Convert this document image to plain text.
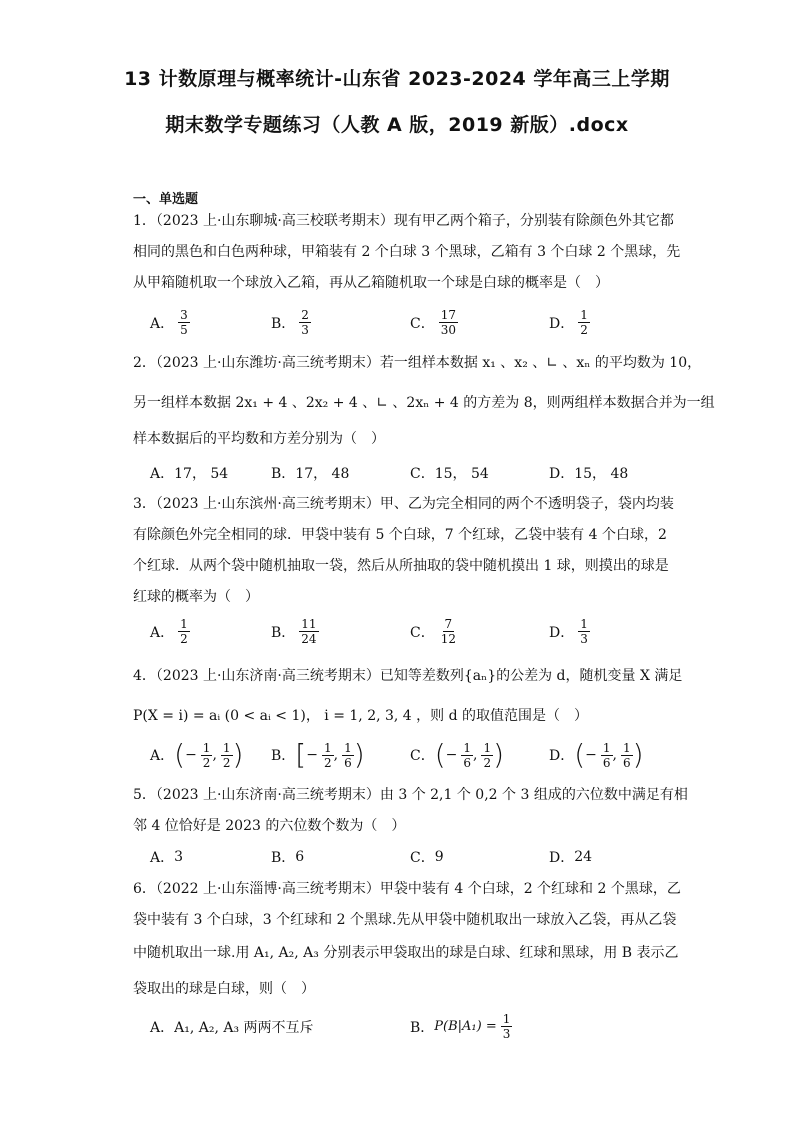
13 计数原理与概率统计-山东省 2023-2024 学年高三上学期
期末数学专题练习（人教 A 版，2019 新版）.docx
一、单选题
1．（2023 上·山东聊城·高三校联考期末）现有甲乙两个箱子，分别装有除颜色外其它都
相同的黑色和白色两种球，甲箱装有 2 个白球 3 个黑球，乙箱有 3 个白球 2 个黑球，先
从甲箱随机取一个球放入乙箱，再从乙箱随机取一个球是白球的概率是（　）
A． $\frac{3}{5}$	B． $\frac{2}{3}$	C． $\frac{17}{30}$	D． $\frac{1}{2}$
2．（2023 上·山东潍坊·高三统考期末）若一组样本数据 x₁ 、x₂ 、∟ 、xₙ 的平均数为 10，
另一组样本数据 2x₁ + 4 、2x₂ + 4 、∟ 、2xₙ + 4 的方差为 8，则两组样本数据合并为一组
样本数据后的平均数和方差分别为（　）
A． 17， 54	B． 17， 48	C． 15， 54	D． 15， 48
3．（2023 上·山东滨州·高三统考期末）甲、乙为完全相同的两个不透明袋子，袋内均装
有除颜色外完全相同的球．甲袋中装有 5 个白球，7 个红球，乙袋中装有 4 个白球，2
个红球．从两个袋中随机抽取一袋，然后从所抽取的袋中随机摸出 1 球，则摸出的球是
红球的概率为（　）
A． $\frac{1}{2}$	B． $\frac{11}{24}$	C． $\frac{7}{12}$	D． $\frac{1}{3}$
4．（2023 上·山东济南·高三统考期末）已知等差数列{aₙ}的公差为 d，随机变量 X 满足
P(X = i) = aᵢ (0 < aᵢ < 1)， i = 1, 2, 3, 4 ，则 d 的取值范围是（　）
A． ( − $\frac{1}{2}$ , $\frac{1}{2}$ ) B． [ − $\frac{1}{2}$ , $\frac{1}{6}$ )	C． ( − $\frac{1}{6}$ , $\frac{1}{2}$ )	D． ( − $\frac{1}{6}$ , $\frac{1}{6}$ )
5．（2023 上·山东济南·高三统考期末）由 3 个 2,1 个 0,2 个 3 组成的六位数中满足有相
邻 4 位恰好是 2023 的六位数个数为（　）
A． 3	B． 6	C． 9	D． 24
6．（2022 上·山东淄博·高三统考期末）甲袋中装有 4 个白球，2 个红球和 2 个黑球，乙
袋中装有 3 个白球，3 个红球和 2 个黑球.先从甲袋中随机取出一球放入乙袋，再从乙袋
中随机取出一球.用 A₁, A₂, A₃ 分别表示甲袋取出的球是白球、红球和黑球，用 B 表示乙
袋取出的球是白球，则（　）
A． A₁, A₂, A₃ 两两不互斥	B． $P(B|A_1) = \frac{1}{3}$
